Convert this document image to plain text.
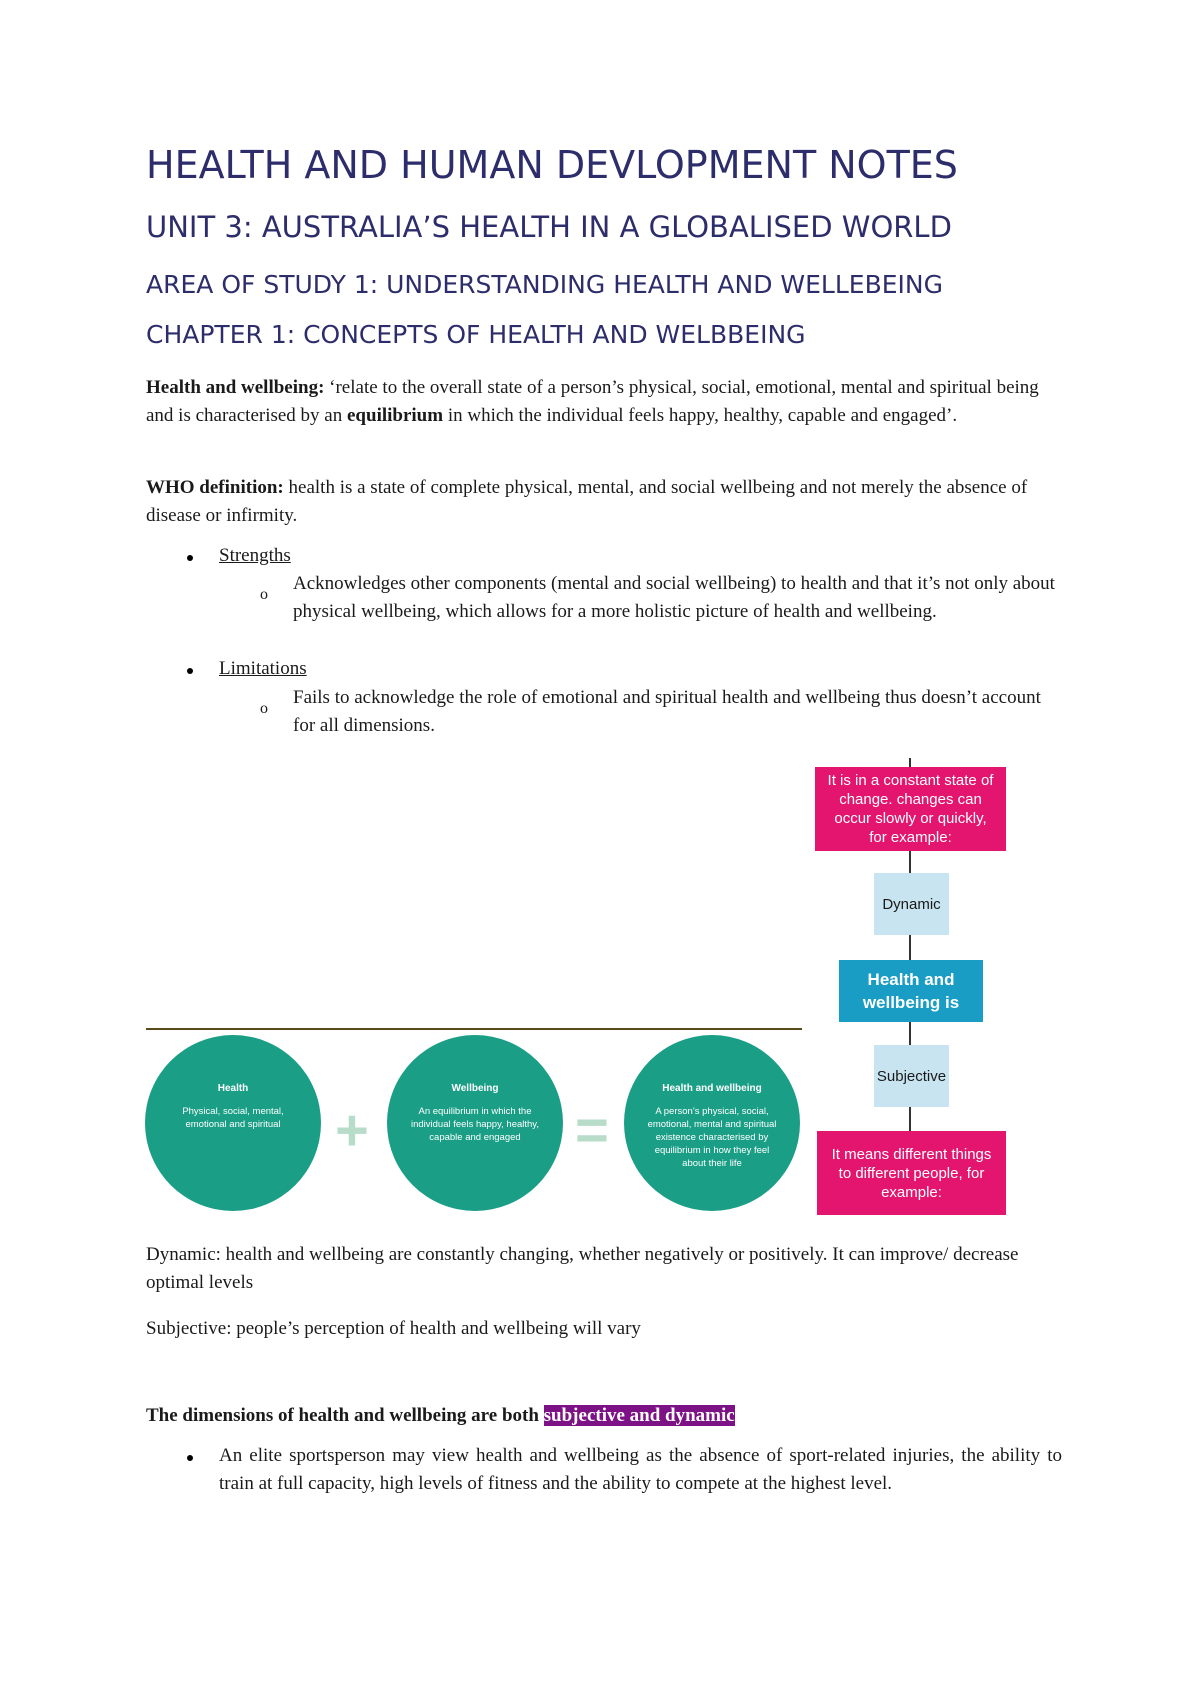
HEALTH AND HUMAN DEVLOPMENT NOTES
UNIT 3: AUSTRALIA’S HEALTH IN A GLOBALISED WORLD
AREA OF STUDY 1: UNDERSTANDING HEALTH AND WELLEBEING
CHAPTER 1: CONCEPTS OF HEALTH AND WELBBEING

Health and wellbeing: ‘relate to the overall state of a person’s physical, social, emotional, mental and spiritual being and is characterised by an equilibrium in which the individual feels happy, healthy, capable and engaged’.

WHO definition: health is a state of complete physical, mental, and social wellbeing and not merely the absence of disease or infirmity.

Strengths

o

Acknowledges other components (mental and social wellbeing) to health and that it’s not only about physical wellbeing, which allows for a more holistic picture of health and wellbeing.

Limitations

o

Fails to acknowledge the role of emotional and spiritual health and wellbeing thus doesn’t account for all dimensions.

Health
Physical, social, mental, emotional and spiritual +
Wellbeing
An equilibrium in which the individual feels happy, healthy, capable and engaged =
Health and wellbeing
A person’s physical, social, emotional, mental and spiritual existence characterised by equilibrium in how they feel about their life
It is in a constant state of change. changes can occur slowly or quickly, for example:
Dynamic
Health and wellbeing is
Subjective
It means different things to different people, for example:

Dynamic: health and wellbeing are constantly changing, whether negatively or positively. It can improve/ decrease optimal levels

Subjective: people’s perception of health and wellbeing will vary

The dimensions of health and wellbeing are both subjective and dynamic

An elite sportsperson may view health and wellbeing as the absence of sport-related injuries, the ability to train at full capacity, high levels of fitness and the ability to compete at the highest level.
